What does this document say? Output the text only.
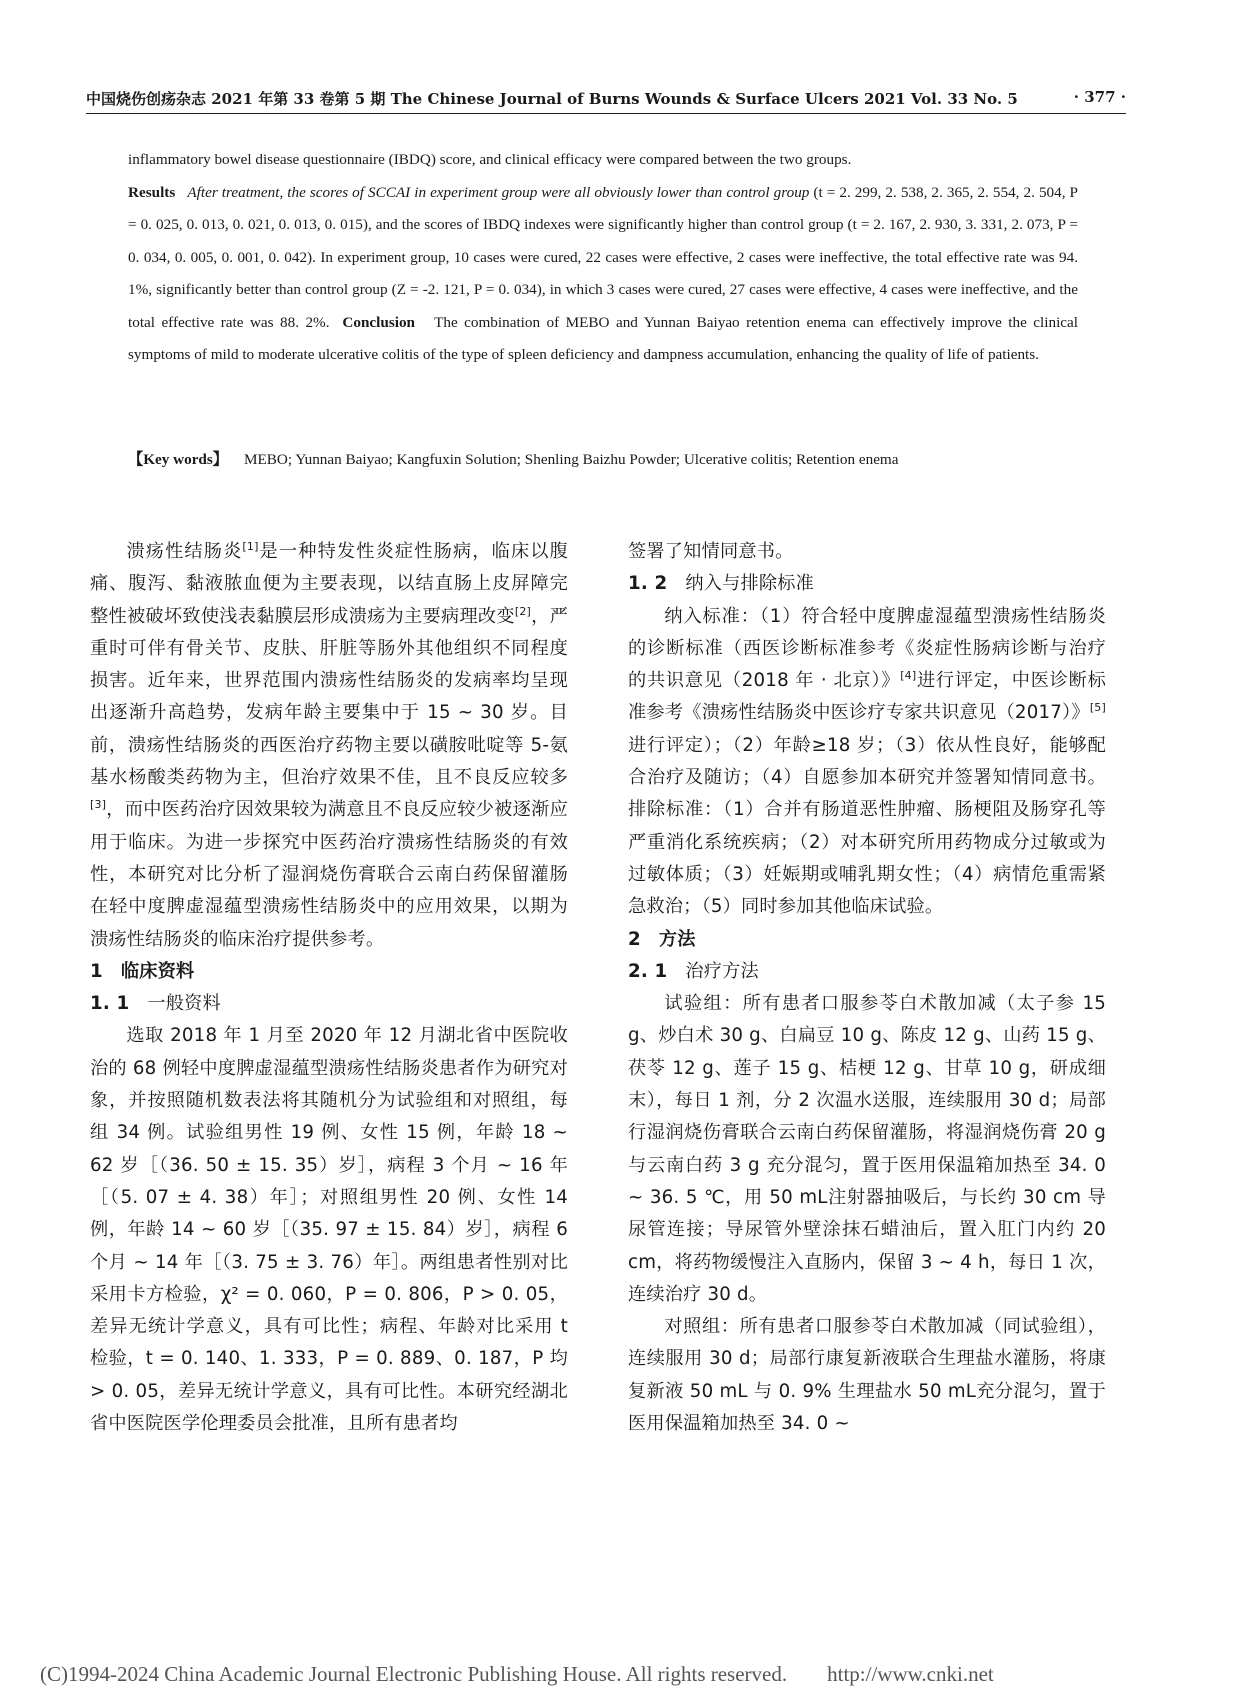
中国烧伤创疡杂志 2021 年第 33 卷第 5 期 The Chinese Journal of Burns Wounds & Surface Ulcers 2021 Vol. 33 No. 5	· 377 ·
inflammatory bowel disease questionnaire (IBDQ) score, and clinical efficacy were compared between the two groups.
Results After treatment, the scores of SCCAI in experiment group were all obviously lower than control group (t = 2. 299, 2. 538, 2. 365, 2. 554, 2. 504, P = 0. 025, 0. 013, 0. 021, 0. 013, 0. 015), and the scores of IBDQ indexes were significantly higher than control group (t = 2. 167, 2. 930, 3. 331, 2. 073, P = 0. 034, 0. 005, 0. 001, 0. 042). In experiment group, 10 cases were cured, 22 cases were effective, 2 cases were ineffective, the total effective rate was 94. 1%, significantly better than control group (Z = -2. 121, P = 0. 034), in which 3 cases were cured, 27 cases were effective, 4 cases were ineffective, and the total effective rate was 88. 2%. Conclusion The combination of MEBO and Yunnan Baiyao retention enema can effectively improve the clinical symptoms of mild to moderate ulcerative colitis of the type of spleen deficiency and dampness accumulation, enhancing the quality of life of patients.
【Key words】 MEBO; Yunnan Baiyao; Kangfuxin Solution; Shenling Baizhu Powder; Ulcerative colitis; Retention enema

溃疡性结肠炎[1]是一种特发性炎症性肠病，临床以腹痛、腹泻、黏液脓血便为主要表现，以结直肠上皮屏障完整性被破坏致使浅表黏膜层形成溃疡为主要病理改变[2]，严重时可伴有骨关节、皮肤、肝脏等肠外其他组织不同程度损害。近年来，世界范围内溃疡性结肠炎的发病率均呈现出逐渐升高趋势，发病年龄主要集中于 15 ~ 30 岁。目前，溃疡性结肠炎的西医治疗药物主要以磺胺吡啶等 5-氨基水杨酸类药物为主，但治疗效果不佳，且不良反应较多[3]，而中医药治疗因效果较为满意且不良反应较少被逐渐应用于临床。为进一步探究中医药治疗溃疡性结肠炎的有效性，本研究对比分析了湿润烧伤膏联合云南白药保留灌肠在轻中度脾虚湿蕴型溃疡性结肠炎中的应用效果，以期为溃疡性结肠炎的临床治疗提供参考。

1 临床资料

1. 1 一般资料

选取 2018 年 1 月至 2020 年 12 月湖北省中医院收治的 68 例轻中度脾虚湿蕴型溃疡性结肠炎患者作为研究对象，并按照随机数表法将其随机分为试验组和对照组，每组 34 例。试验组男性 19 例、女性 15 例，年龄 18 ~ 62 岁［（36. 50 ± 15. 35）岁］，病程 3 个月 ~ 16 年［（5. 07 ± 4. 38）年］；对照组男性 20 例、女性 14 例，年龄 14 ~ 60 岁［（35. 97 ± 15. 84）岁］，病程 6 个月 ~ 14 年［（3. 75 ± 3. 76）年］。两组患者性别对比采用卡方检验，χ² = 0. 060，P = 0. 806，P > 0. 05，差异无统计学意义，具有可比性；病程、年龄对比采用 t 检验，t = 0. 140、1. 333，P = 0. 889、0. 187，P 均 > 0. 05，差异无统计学意义，具有可比性。本研究经湖北省中医院医学伦理委员会批准，且所有患者均

签署了知情同意书。

1. 2 纳入与排除标准

纳入标准：（1）符合轻中度脾虚湿蕴型溃疡性结肠炎的诊断标准（西医诊断标准参考《炎症性肠病诊断与治疗的共识意见（2018 年 · 北京）》[4]进行评定，中医诊断标准参考《溃疡性结肠炎中医诊疗专家共识意见（2017）》[5]进行评定）；（2）年龄≥18 岁；（3）依从性良好，能够配合治疗及随访；（4）自愿参加本研究并签署知情同意书。排除标准：（1）合并有肠道恶性肿瘤、肠梗阻及肠穿孔等严重消化系统疾病；（2）对本研究所用药物成分过敏或为过敏体质；（3）妊娠期或哺乳期女性；（4）病情危重需紧急救治；（5）同时参加其他临床试验。

2 方法

2. 1 治疗方法

试验组：所有患者口服参苓白术散加减（太子参 15 g、炒白术 30 g、白扁豆 10 g、陈皮 12 g、山药 15 g、茯苓 12 g、莲子 15 g、桔梗 12 g、甘草 10 g，研成细末），每日 1 剂，分 2 次温水送服，连续服用 30 d；局部行湿润烧伤膏联合云南白药保留灌肠，将湿润烧伤膏 20 g 与云南白药 3 g 充分混匀，置于医用保温箱加热至 34. 0 ~ 36. 5 ℃，用 50 mL注射器抽吸后，与长约 30 cm 导尿管连接；导尿管外壁涂抹石蜡油后，置入肛门内约 20 cm，将药物缓慢注入直肠内，保留 3 ~ 4 h，每日 1 次，连续治疗 30 d。

对照组：所有患者口服参苓白术散加减（同试验组），连续服用 30 d；局部行康复新液联合生理盐水灌肠，将康复新液 50 mL 与 0. 9% 生理盐水 50 mL充分混匀，置于医用保温箱加热至 34. 0 ~

(C)1994-2024 China Academic Journal Electronic Publishing House. All rights reserved. http://www.cnki.net
